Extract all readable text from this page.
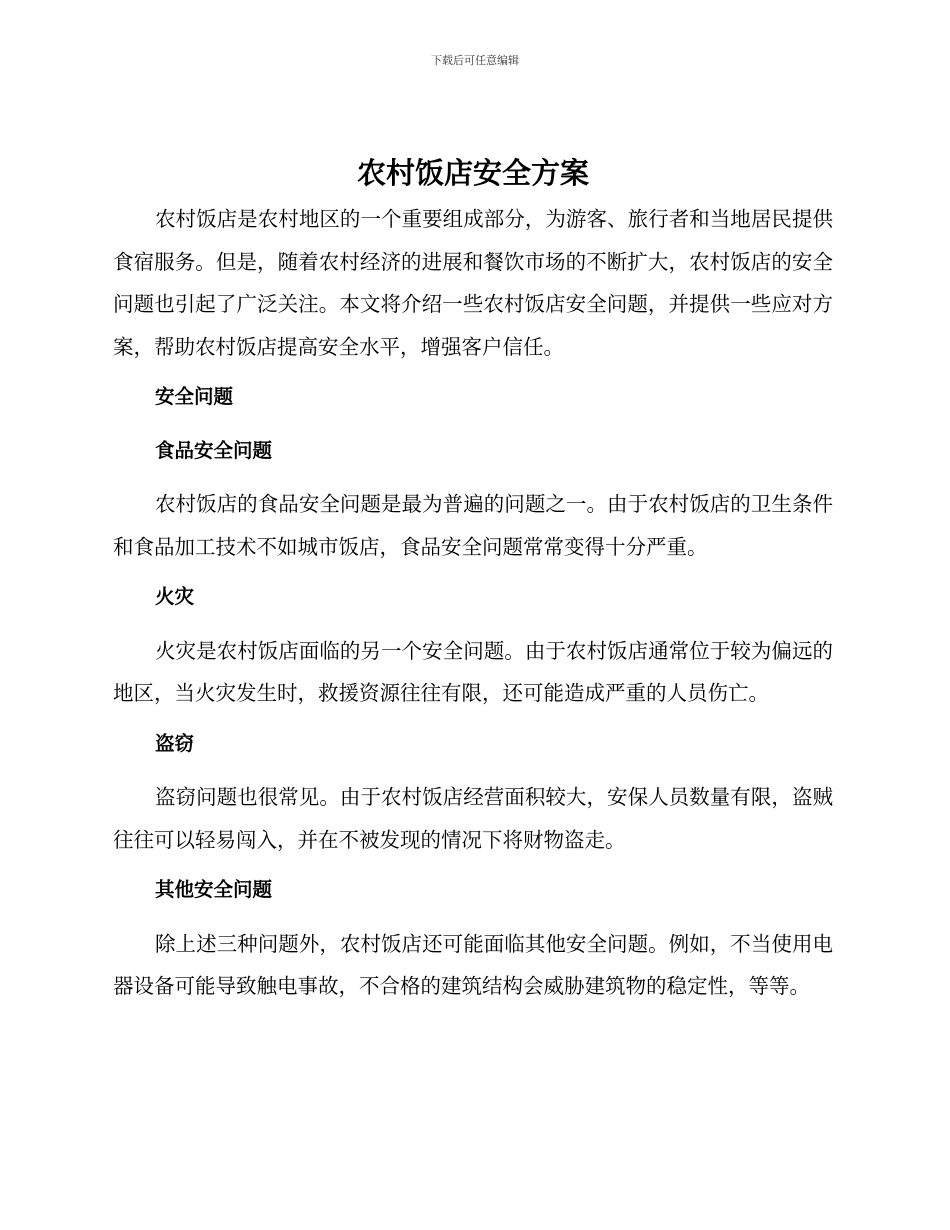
下载后可任意编辑
农村饭店安全方案

农村饭店是农村地区的一个重要组成部分，为游客、旅行者和当地居民提供食宿服务。但是，随着农村经济的进展和餐饮市场的不断扩大，农村饭店的安全问题也引起了广泛关注。本文将介绍一些农村饭店安全问题，并提供一些应对方案，帮助农村饭店提高安全水平，增强客户信任。

安全问题
食品安全问题

农村饭店的食品安全问题是最为普遍的问题之一。由于农村饭店的卫生条件和食品加工技术不如城市饭店，食品安全问题常常变得十分严重。

火灾

火灾是农村饭店面临的另一个安全问题。由于农村饭店通常位于较为偏远的地区，当火灾发生时，救援资源往往有限，还可能造成严重的人员伤亡。

盗窃

盗窃问题也很常见。由于农村饭店经营面积较大，安保人员数量有限，盗贼往往可以轻易闯入，并在不被发现的情况下将财物盗走。

其他安全问题

除上述三种问题外，农村饭店还可能面临其他安全问题。例如，不当使用电器设备可能导致触电事故，不合格的建筑结构会威胁建筑物的稳定性，等等。
